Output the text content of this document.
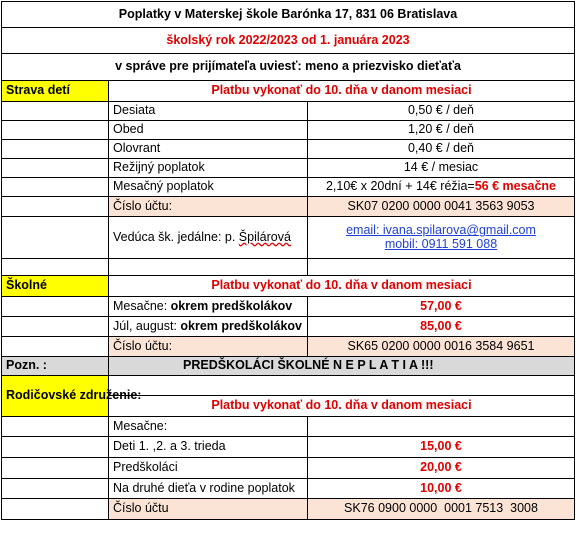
Poplatky v Materskej škole Barónka 17, 831 06 Bratislava		
školský rok 2022/2023 od 1. januára 2023		
v správe pre prijímateľa uviesť: meno a priezvisko dieťaťa		
Strava detí	Platbu vykonať do 10. dňa v danom mesiaci	
	Desiata	0,50 € / deň
	Obed	1,20 € / deň
	Olovrant	0,40 € / deň
	Režijný poplatok	14 € / mesiac
	Mesačný poplatok	2,10€ x 20dní + 14€ réžia=56 € mesačne
	Číslo účtu:	SK07 0200 0000 0041 3563 9053
	Vedúca šk. jedálne: p. Špilárová	email: ivana.spilarova@gmail.com
mobil: 0911 591 088

Školné	Platbu vykonať do 10. dňa v danom mesiaci	
	Mesačne: okrem predškolákov	57,00 €
	Júl, august: okrem predškolákov	85,00 €
	Číslo účtu:	SK65 0200 0000 0016 3584 9651
Pozn. :	PREDŠKOLÁCI ŠKOLNÉ N E P L A T I A !!!	
Rodičovské združenie:		
	Platbu vykonať do 10. dňa v danom mesiaci	
	Mesačne:	
	Deti 1. ,2. a 3. trieda	15,00 €
	Predškoláci	20,00 €
	Na druhé dieťa v rodine poplatok	10,00 €
	Číslo účtu	SK76 0900 0000  0001 7513  3008
